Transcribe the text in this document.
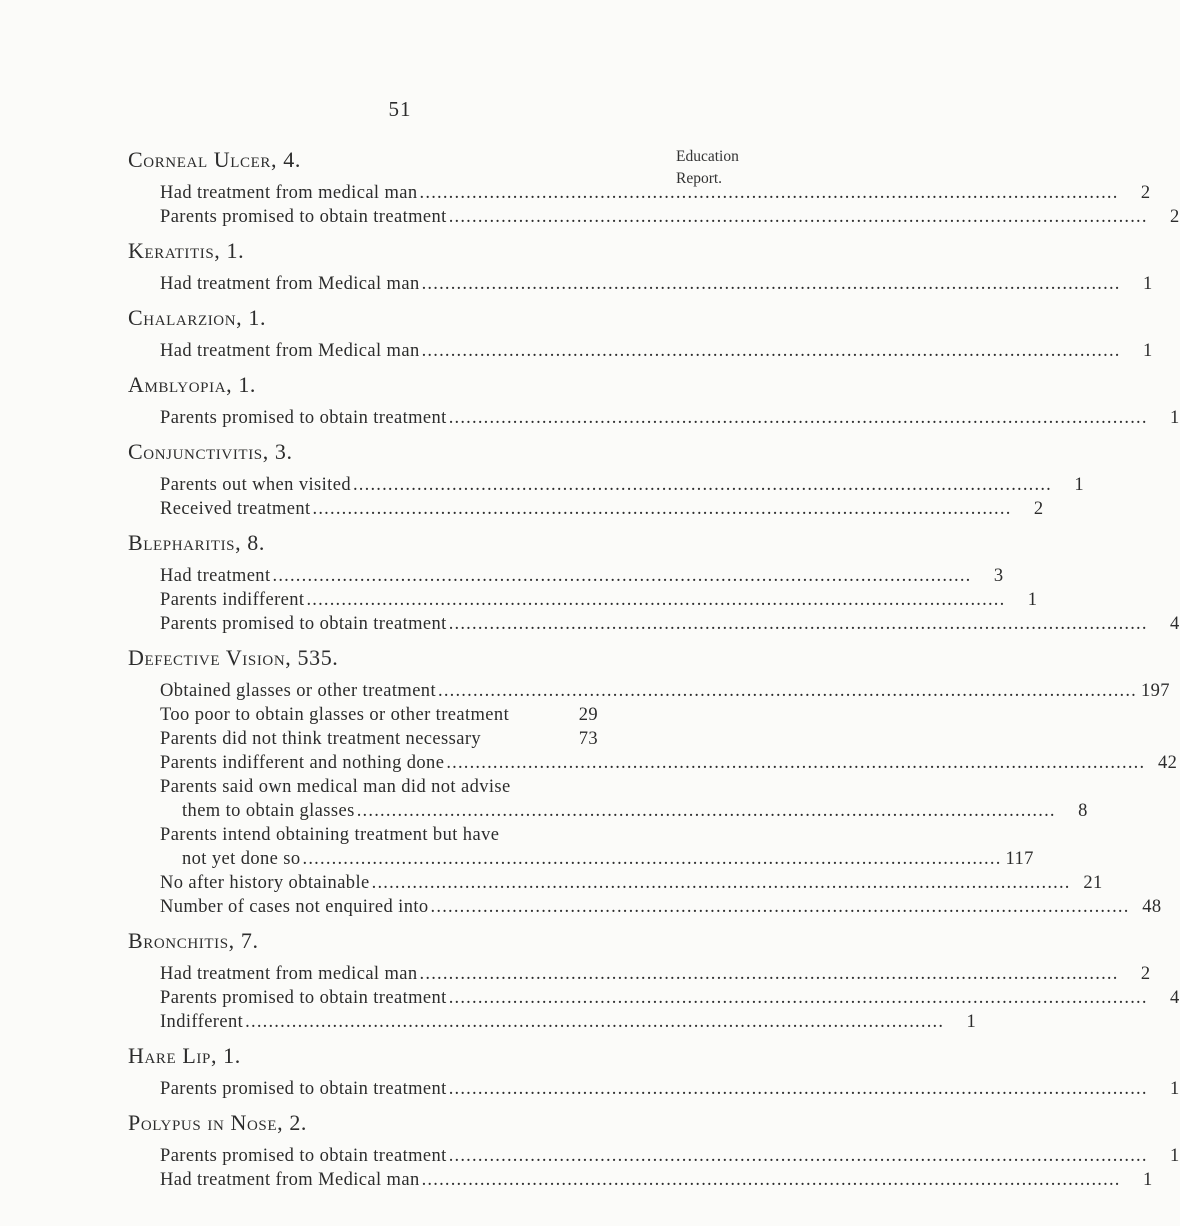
51
Education
Report.
Corneal Ulcer, 4.
Had treatment from medical man ........................................................................................................................	2
Parents promised to obtain treatment ........................................................................................................................	2
Keratitis, 1.
Had treatment from Medical man ........................................................................................................................	1
Chalarzion, 1.
Had treatment from Medical man ........................................................................................................................	1
Amblyopia, 1.
Parents promised to obtain treatment ........................................................................................................................	1
Conjunctivitis, 3.
Parents out when visited ........................................................................................................................	1
Received treatment ........................................................................................................................	2
Blepharitis, 8.
Had treatment ........................................................................................................................	3
Parents indifferent ........................................................................................................................	1
Parents promised to obtain treatment ........................................................................................................................	4
Defective Vision, 535.
Obtained glasses or other treatment ........................................................................................................................ 197
Too poor to obtain glasses or other treatment	29
Parents did not think treatment necessary	73
Parents indifferent and nothing done ........................................................................................................................ 42
Parents said own medical man did not advise
them to obtain glasses ........................................................................................................................	8
Parents intend obtaining treatment but have
not yet done so ........................................................................................................................ 117
No after history obtainable ........................................................................................................................ 21
Number of cases not enquired into ........................................................................................................................ 48
Bronchitis, 7.
Had treatment from medical man ........................................................................................................................	2
Parents promised to obtain treatment ........................................................................................................................	4
Indifferent ........................................................................................................................	1
Hare Lip, 1.
Parents promised to obtain treatment ........................................................................................................................	1
Polypus in Nose, 2.
Parents promised to obtain treatment ........................................................................................................................	1
Had treatment from Medical man ........................................................................................................................	1
